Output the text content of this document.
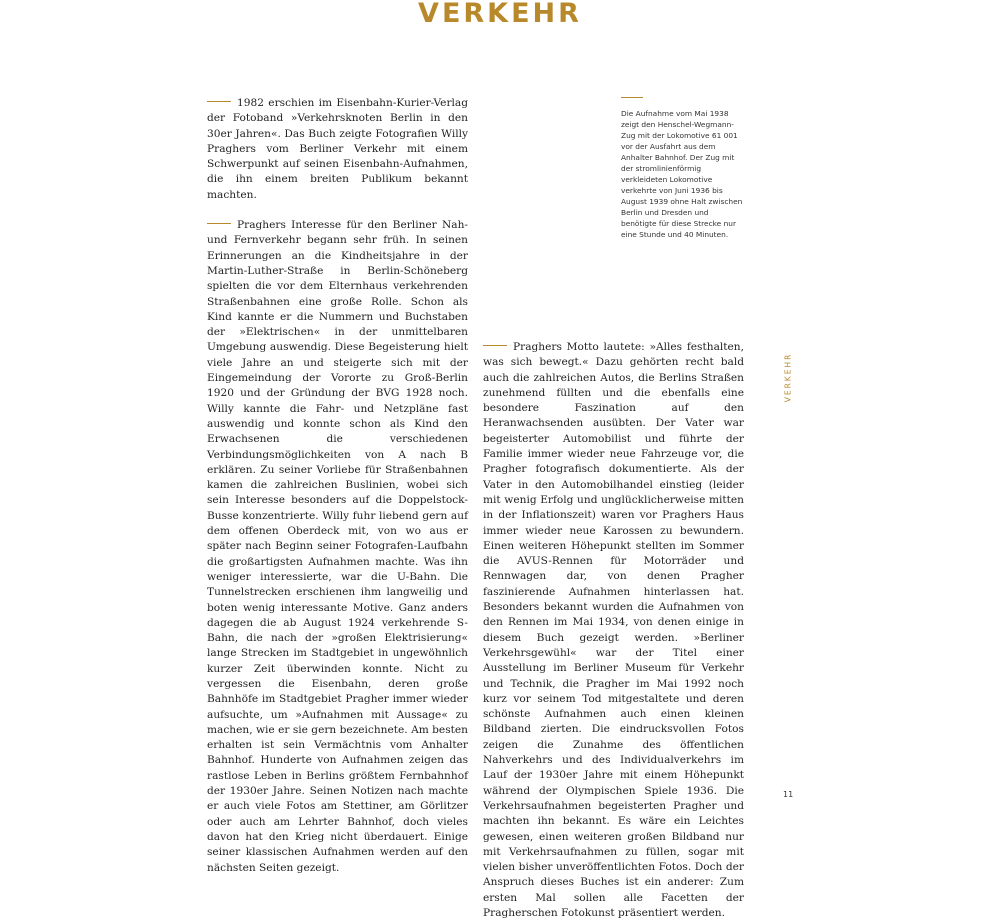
VERKEHR

1982 erschien im Eisenbahn-Kurier-Verlag der Fotoband »Verkehrsknoten Berlin in den 30er Jahren«. Das Buch zeigte Fotografien Willy Praghers vom Berliner Verkehr mit einem Schwerpunkt auf seinen Eisenbahn-Aufnahmen, die ihn einem breiten Publikum bekannt machten.

Praghers Interesse für den Berliner Nah- und Fernverkehr begann sehr früh. In seinen Erinnerungen an die Kindheitsjahre in der Martin-Luther-Straße in Berlin-Schöneberg spielten die vor dem Elternhaus verkehrenden Straßenbahnen eine große Rolle. Schon als Kind kannte er die Nummern und Buchstaben der »Elektrischen« in der unmittelbaren Umgebung auswendig. Diese Begeisterung hielt viele Jahre an und steigerte sich mit der Eingemeindung der Vororte zu Groß-Berlin 1920 und der Gründung der BVG 1928 noch. Willy kannte die Fahr- und Netzpläne fast auswendig und konnte schon als Kind den Erwachsenen die verschiedenen Verbindungsmöglichkeiten von A nach B erklären. Zu seiner Vorliebe für Straßenbahnen kamen die zahlreichen Buslinien, wobei sich sein Interesse besonders auf die Doppelstock-Busse konzentrierte. Willy fuhr liebend gern auf dem offenen Oberdeck mit, von wo aus er später nach Beginn seiner Fotografen-Laufbahn die großartigsten Aufnahmen machte. Was ihn weniger interessierte, war die U-Bahn. Die Tunnelstrecken erschienen ihm langweilig und boten wenig interessante Motive. Ganz anders dagegen die ab August 1924 verkehrende S-Bahn, die nach der »großen Elektrisierung« lange Strecken im Stadtgebiet in ungewöhnlich kurzer Zeit überwinden konnte. Nicht zu vergessen die Eisenbahn, deren große Bahnhöfe im Stadtgebiet Pragher immer wieder aufsuchte, um »Aufnahmen mit Aussage« zu machen, wie er sie gern bezeichnete. Am besten erhalten ist sein Vermächtnis vom Anhalter Bahnhof. Hunderte von Aufnahmen zeigen das rastlose Leben in Berlins größtem Fernbahnhof der 1930er Jahre. Seinen Notizen nach machte er auch viele Fotos am Stettiner, am Görlitzer oder auch am Lehrter Bahnhof, doch vieles davon hat den Krieg nicht überdauert. Einige seiner klassischen Aufnahmen werden auf den nächsten Seiten gezeigt.

Die Aufnahme vom Mai 1938 zeigt den Henschel-Wegmann-Zug mit der Lokomotive 61 001 vor der Ausfahrt aus dem Anhalter Bahnhof. Der Zug mit der stromlinienförmig verkleideten Lokomotive verkehrte von Juni 1936 bis August 1939 ohne Halt zwischen Berlin und Dresden und benötigte für diese Strecke nur eine Stunde und 40 Minuten.

Praghers Motto lautete: »Alles festhalten, was sich bewegt.« Dazu gehörten recht bald auch die zahlreichen Autos, die Berlins Straßen zunehmend füllten und die ebenfalls eine besondere Faszination auf den Heranwachsenden ausübten. Der Vater war begeisterter Automobilist und führte der Familie immer wieder neue Fahrzeuge vor, die Pragher fotografisch dokumentierte. Als der Vater in den Automobilhandel einstieg (leider mit wenig Erfolg und unglücklicherweise mitten in der Inflationszeit) waren vor Praghers Haus immer wieder neue Karossen zu bewundern. Einen weiteren Höhepunkt stellten im Sommer die AVUS-Rennen für Motorräder und Rennwagen dar, von denen Pragher faszinierende Aufnahmen hinterlassen hat. Besonders bekannt wurden die Aufnahmen von den Rennen im Mai 1934, von denen einige in diesem Buch gezeigt werden. »Berliner Verkehrsgewühl« war der Titel einer Ausstellung im Berliner Museum für Verkehr und Technik, die Pragher im Mai 1992 noch kurz vor seinem Tod mitgestaltete und deren schönste Aufnahmen auch einen kleinen Bildband zierten. Die eindrucksvollen Fotos zeigen die Zunahme des öffentlichen Nahverkehrs und des Individualverkehrs im Lauf der 1930er Jahre mit einem Höhepunkt während der Olympischen Spiele 1936. Die Verkehrsaufnahmen begeisterten Pragher und machten ihn bekannt. Es wäre ein Leichtes gewesen, einen weiteren großen Bildband nur mit Verkehrsaufnahmen zu füllen, sogar mit vielen bisher unveröffentlichten Fotos. Doch der Anspruch dieses Buches ist ein anderer: Zum ersten Mal sollen alle Facetten der Pragherschen Fotokunst präsentiert werden.

VERKEHR
11
